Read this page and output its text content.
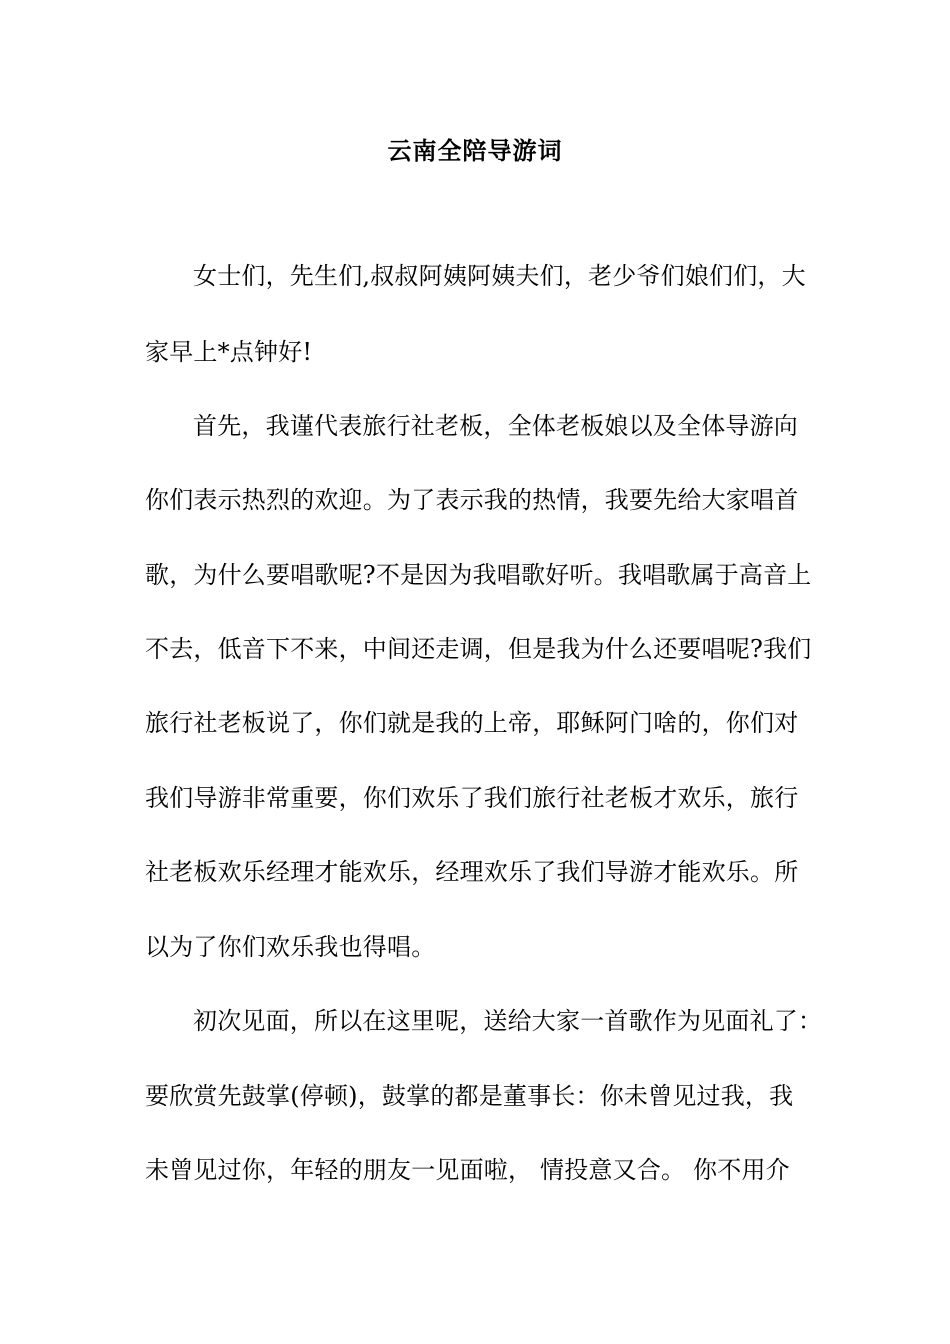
云南全陪导游词
女士们，先生们,叔叔阿姨阿姨夫们，老少爷们娘们们，大
家早上*点钟好!
首先，我谨代表旅行社老板，全体老板娘以及全体导游向
你们表示热烈的欢迎。为了表示我的热情，我要先给大家唱首
歌，为什么要唱歌呢?不是因为我唱歌好听。我唱歌属于高音上
不去，低音下不来，中间还走调，但是我为什么还要唱呢?我们
旅行社老板说了，你们就是我的上帝，耶稣阿门啥的，你们对
我们导游非常重要，你们欢乐了我们旅行社老板才欢乐，旅行
社老板欢乐经理才能欢乐，经理欢乐了我们导游才能欢乐。所
以为了你们欢乐我也得唱。
初次见面，所以在这里呢，送给大家一首歌作为见面礼了：
要欣赏先鼓掌(停顿)，鼓掌的都是董事长：你未曾见过我，我
未曾见过你，年轻的朋友一见面啦， 情投意又合。 你不用介
